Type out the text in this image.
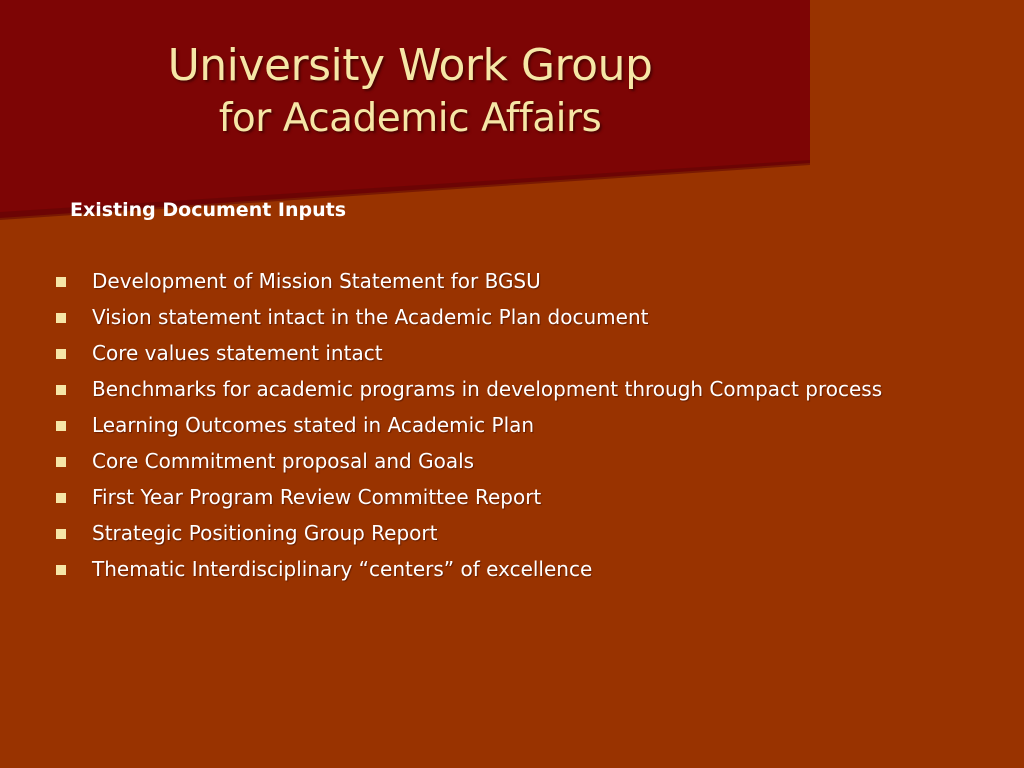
University Work Group
for Academic Affairs
Existing Document Inputs
Development of Mission Statement for BGSU
Vision statement intact in the Academic Plan document
Core values statement intact
Benchmarks for academic programs in development through Compact process
Learning Outcomes stated in Academic Plan
Core Commitment proposal and Goals
First Year Program Review Committee Report
Strategic Positioning Group Report
Thematic Interdisciplinary “centers” of excellence
